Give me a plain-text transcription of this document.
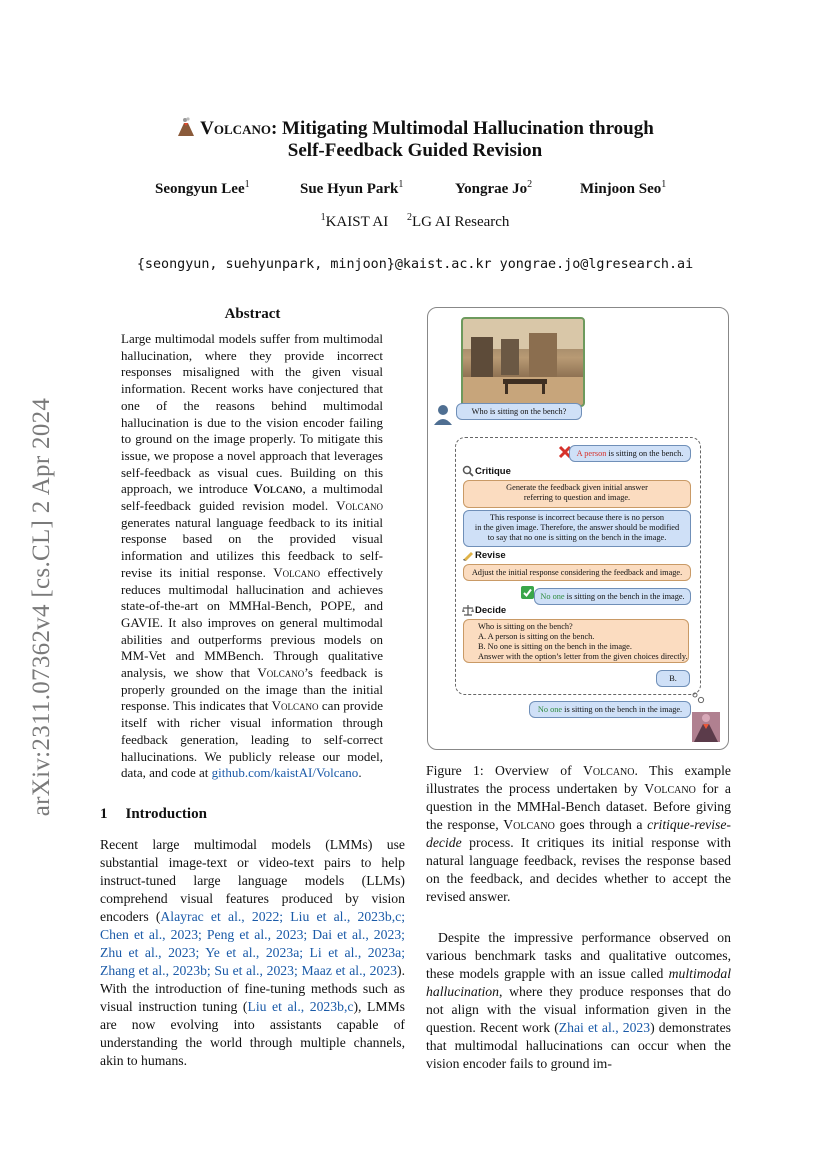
arXiv:2311.07362v4 [cs.CL] 2 Apr 2024
Volcano: Mitigating Multimodal Hallucination through
Self-Feedback Guided Revision
Seongyun Lee$^1$	Sue Hyun Park$^1$	Yongrae Jo$^2$	Minjoon Seo$^1$
$^1$KAIST AI $^2$LG AI Research
{seongyun, suehyunpark, minjoon}@kaist.ac.kr yongrae.jo@lgresearch.ai
Abstract
Large multimodal models suffer from multimodal hallucination, where they provide incorrect responses misaligned with the given visual information. Recent works have conjectured that one of the reasons behind multimodal hallucination is due to the vision encoder failing to ground on the image properly. To mitigate this issue, we propose a novel approach that leverages self-feedback as visual cues. Building on this approach, we introduce Volcano, a multimodal self-feedback guided revision model. Volcano generates natural language feedback to its initial response based on the provided visual information and utilizes this feedback to self-revise its initial response. Volcano effectively reduces multimodal hallucination and achieves state-of-the-art on MMHal-Bench, POPE, and GAVIE. It also improves on general multimodal abilities and outperforms previous models on MM-Vet and MMBench. Through qualitative analysis, we show that Volcano’s feedback is properly grounded on the image than the initial response. This indicates that Volcano can provide itself with richer visual information through feedback generation, leading to self-correct hallucinations. We publicly release our model, data, and code at github.com/kaistAI/Volcano.
1 Introduction
Recent large multimodal models (LMMs) use substantial image-text or video-text pairs to help instruct-tuned large language models (LLMs) comprehend visual features produced by vision encoders (Alayrac et al., 2022; Liu et al., 2023b,c; Chen et al., 2023; Peng et al., 2023; Dai et al., 2023; Zhu et al., 2023; Ye et al., 2023a; Li et al., 2023a; Zhang et al., 2023b; Su et al., 2023; Maaz et al., 2023). With the introduction of fine-tuning methods such as visual instruction tuning (Liu et al., 2023b,c), LMMs are now evolving into assistants capable of understanding the world through multiple channels, akin to humans.
Who is sitting on the bench?
A person is sitting on the bench.
Critique
Generate the feedback given initial answer
referring to question and image.
This response is incorrect because there is no person
in the given image. Therefore, the answer should be modified
to say that no one is sitting on the bench in the image.
Revise
Adjust the initial response considering the feedback and image.
No one is sitting on the bench in the image.
Decide
Who is sitting on the bench?
A. A person is sitting on the bench.
B. No one is sitting on the bench in the image.
Answer with the option’s letter from the given choices directly.
B.
No one is sitting on the bench in the image.
Figure 1: Overview of Volcano. This example illustrates the process undertaken by Volcano for a question in the MMHal-Bench dataset. Before giving the response, Volcano goes through a critique-revise-decide process. It critiques its initial response with natural language feedback, revises the response based on the feedback, and decides whether to accept the revised answer.
Despite the impressive performance observed on various benchmark tasks and qualitative outcomes, these models grapple with an issue called multimodal hallucination, where they produce responses that do not align with the visual information given in the question. Recent work (Zhai et al., 2023) demonstrates that multimodal hallucinations can occur when the vision encoder fails to ground im-
